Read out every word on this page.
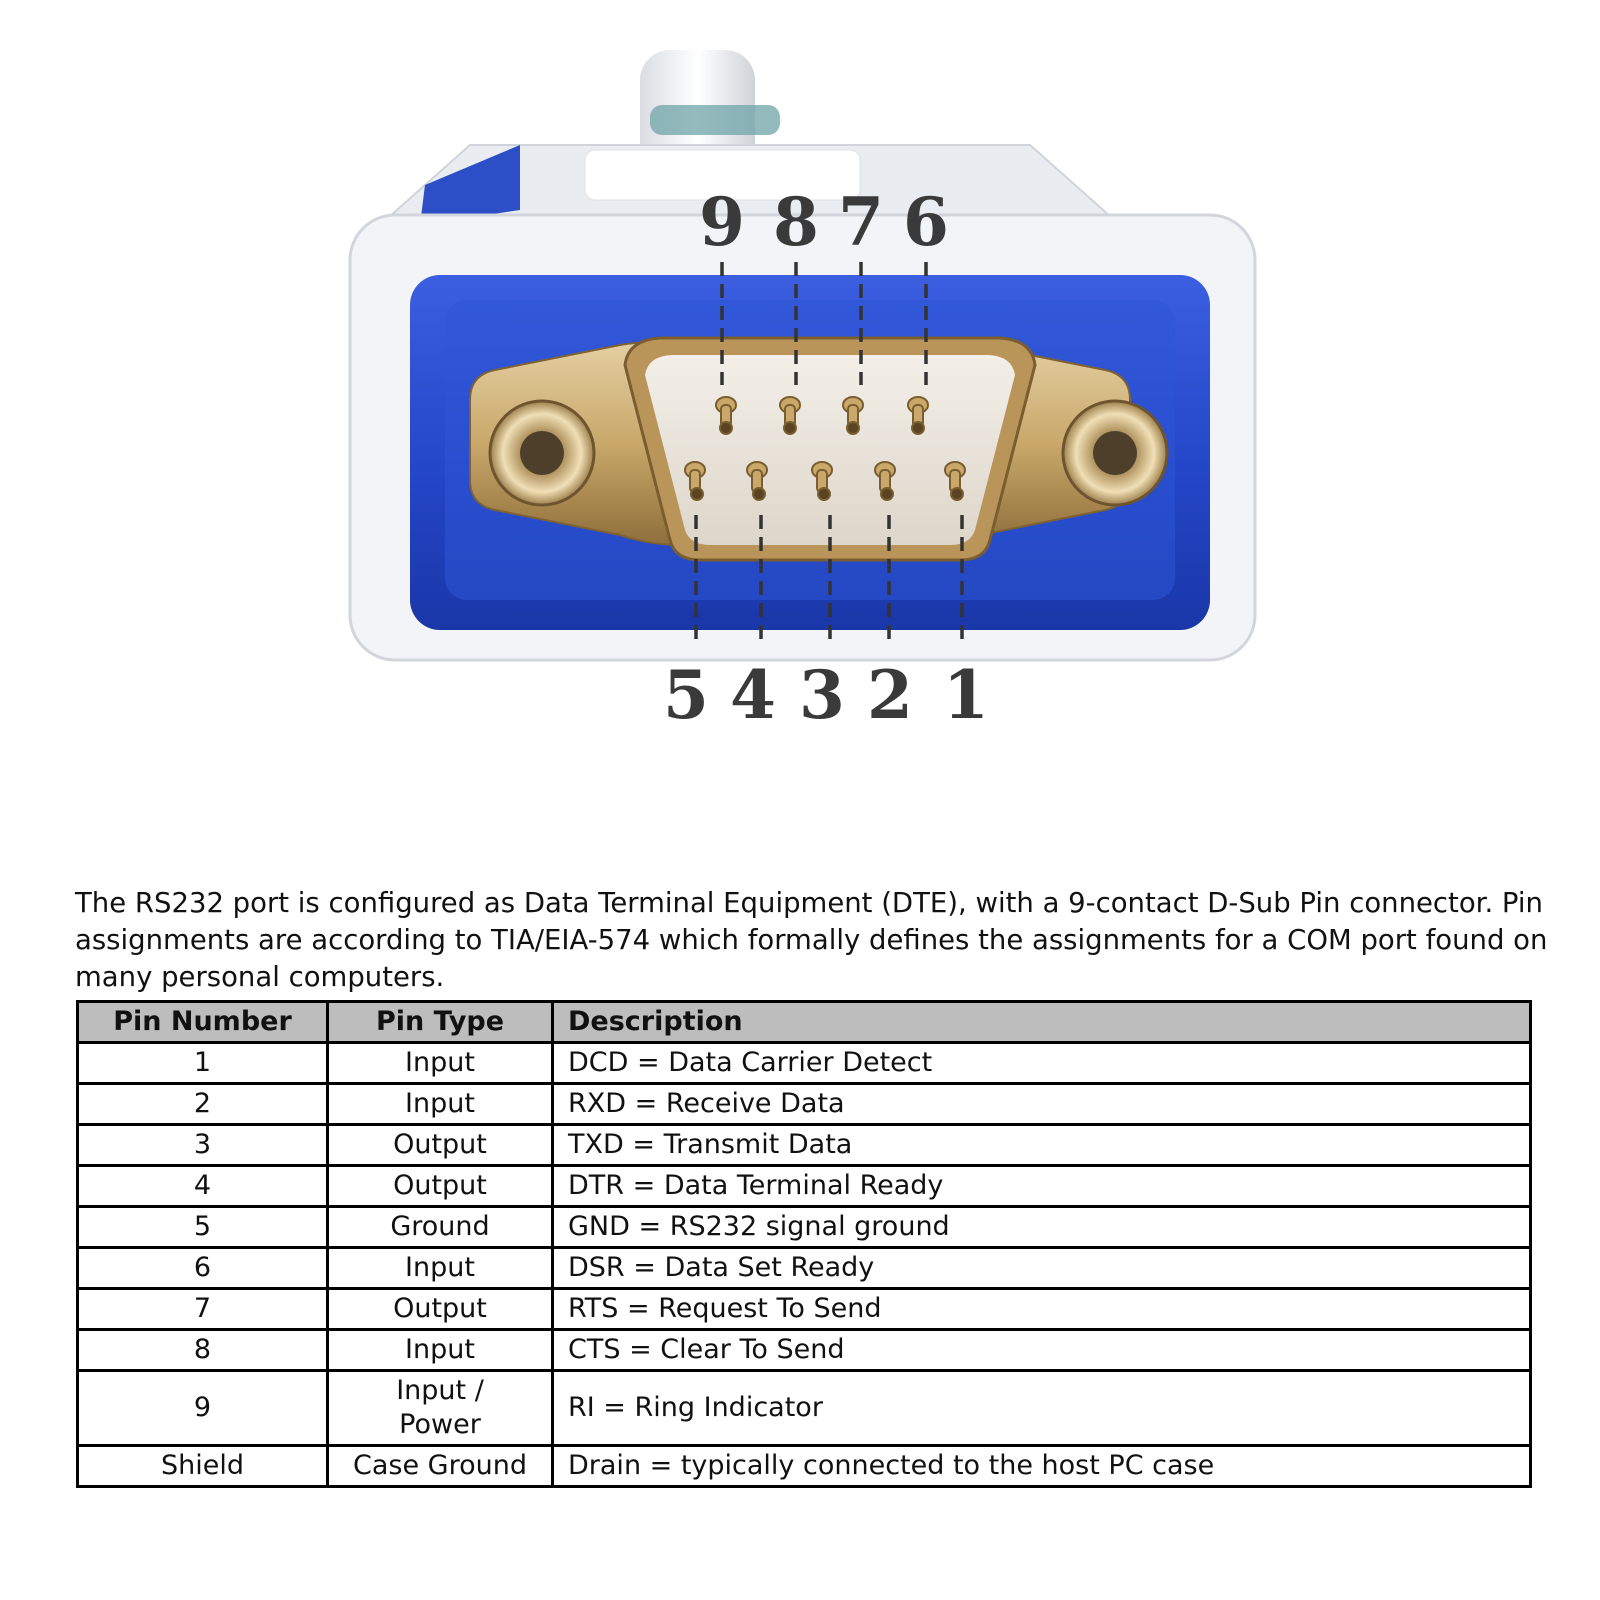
9 8 7 6
5 4 3 2 1

The RS232 port is configured as Data Terminal Equipment (DTE), with a 9-contact D-Sub Pin connector. Pin assignments are according to TIA/EIA-574 which formally defines the assignments for a COM port found on many personal computers.

Pin Number	Pin Type	Description
1	Input	DCD = Data Carrier Detect
2	Input	RXD = Receive Data
3	Output	TXD = Transmit Data
4	Output	DTR = Data Terminal Ready
5	Ground	GND = RS232 signal ground
6	Input	DSR = Data Set Ready
7	Output	RTS = Request To Send
8	Input	CTS = Clear To Send
9	Input / Power	RI = Ring Indicator
Shield	Case Ground	Drain = typically connected to the host PC case
